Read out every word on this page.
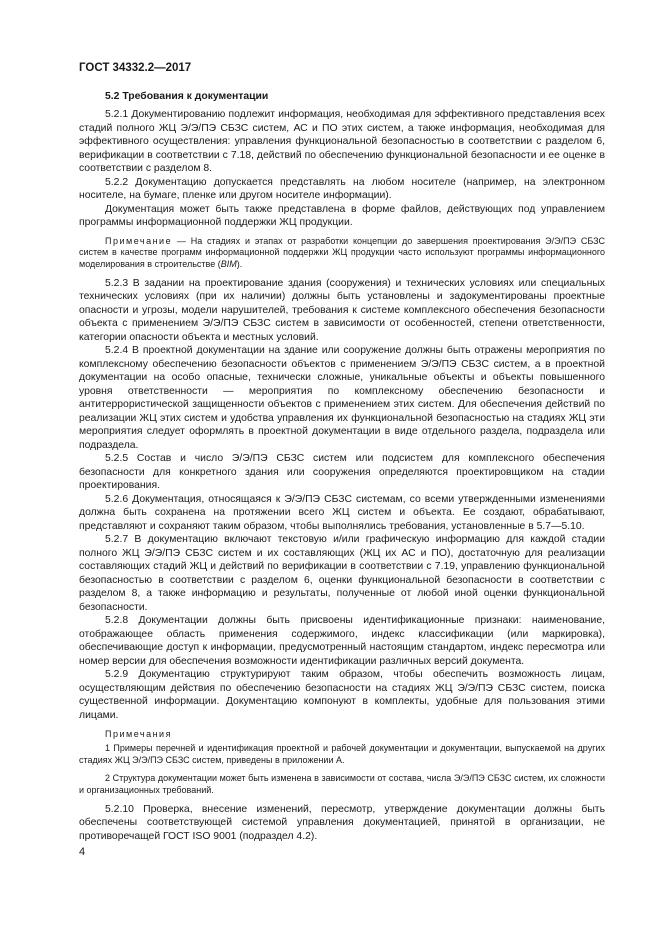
ГОСТ 34332.2—2017
5.2 Требования к документации

5.2.1 Документированию подлежит информация, необходимая для эффективного представления всех стадий полного ЖЦ Э/Э/ПЭ СБЗС систем, АС и ПО этих систем, а также информация, необходимая для эффективного осуществления: управления функциональной безопасностью в соответствии с разделом 6, верификации в соответствии с 7.18, действий по обеспечению функциональной безопасности и ее оценке в соответствии с разделом 8.

5.2.2 Документацию допускается представлять на любом носителе (например, на электронном носителе, на бумаге, пленке или другом носителе информации).

Документация может быть также представлена в форме файлов, действующих под управлением программы информационной поддержки ЖЦ продукции.

Примечание — На стадиях и этапах от разработки концепции до завершения проектирования Э/Э/ПЭ СБЗС систем в качестве программ информационной поддержки ЖЦ продукции часто используют программы информационного моделирования в строительстве (BIM).

5.2.3 В задании на проектирование здания (сооружения) и технических условиях или специальных технических условиях (при их наличии) должны быть установлены и задокументированы проектные опасности и угрозы, модели нарушителей, требования к системе комплексного обеспечения безопасности объекта с применением Э/Э/ПЭ СБЗС систем в зависимости от особенностей, степени ответственности, категории опасности объекта и местных условий.

5.2.4 В проектной документации на здание или сооружение должны быть отражены мероприятия по комплексному обеспечению безопасности объектов с применением Э/Э/ПЭ СБЗС систем, а в проектной документации на особо опасные, технически сложные, уникальные объекты и объекты повышенного уровня ответственности — мероприятия по комплексному обеспечению безопасности и антитеррористической защищенности объектов с применением этих систем. Для обеспечения действий по реализации ЖЦ этих систем и удобства управления их функциональной безопасностью на стадиях ЖЦ эти мероприятия следует оформлять в проектной документации в виде отдельного раздела, подраздела или подраздела.

5.2.5 Состав и число Э/Э/ПЭ СБЗС систем или подсистем для комплексного обеспечения безопасности для конкретного здания или сооружения определяются проектировщиком на стадии проектирования.

5.2.6 Документация, относящаяся к Э/Э/ПЭ СБЗС системам, со всеми утвержденными изменениями должна быть сохранена на протяжении всего ЖЦ систем и объекта. Ее создают, обрабатывают, представляют и сохраняют таким образом, чтобы выполнялись требования, установленные в 5.7—5.10.

5.2.7 В документацию включают текстовую и/или графическую информацию для каждой стадии полного ЖЦ Э/Э/ПЭ СБЗС систем и их составляющих (ЖЦ их АС и ПО), достаточную для реализации составляющих стадий ЖЦ и действий по верификации в соответствии с 7.19, управлению функциональной безопасностью в соответствии с разделом 6, оценки функциональной безопасности в соответствии с разделом 8, а также информацию и результаты, полученные от любой иной оценки функциональной безопасности.

5.2.8 Документации должны быть присвоены идентификационные признаки: наименование, отображающее область применения содержимого, индекс классификации (или маркировка), обеспечивающие доступ к информации, предусмотренный настоящим стандартом, индекс пересмотра или номер версии для обеспечения возможности идентификации различных версий документа.

5.2.9 Документацию структурируют таким образом, чтобы обеспечить возможность лицам, осуществляющим действия по обеспечению безопасности на стадиях ЖЦ Э/Э/ПЭ СБЗС систем, поиска существенной информации. Документацию компонуют в комплекты, удобные для пользования этими лицами.

Примечания
1 Примеры перечней и идентификация проектной и рабочей документации и документации, выпускаемой на других стадиях ЖЦ Э/Э/ПЭ СБЗС систем, приведены в приложении А.
2 Структура документации может быть изменена в зависимости от состава, числа Э/Э/ПЭ СБЗС систем, их сложности и организационных требований.

5.2.10 Проверка, внесение изменений, пересмотр, утверждение документации должны быть обеспечены соответствующей системой управления документацией, принятой в организации, не противоречащей ГОСТ ISO 9001 (подраздел 4.2).

4
